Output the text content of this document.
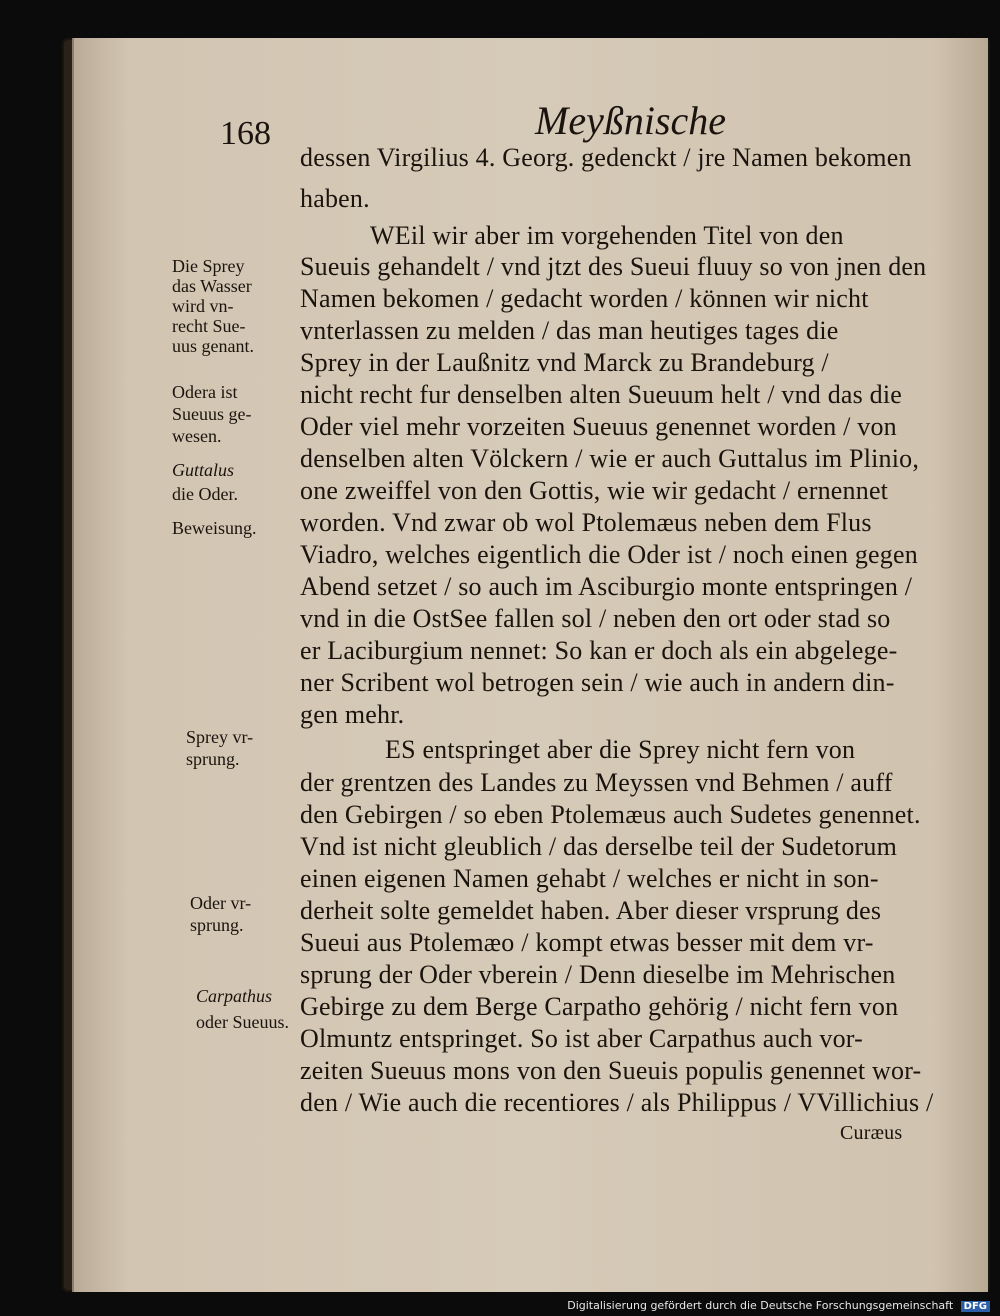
168	Meyßnische
dessen Virgilius 4. Georg. gedenckt / jre Namen bekomen
haben.
WEil wir aber im vorgehenden Titel von den
Sueuis gehandelt / vnd jtzt des Sueui fluuy so von jnen den
Namen bekomen / gedacht worden / können wir nicht
vnterlassen zu melden / das man heutiges tages die
Sprey in der Laußnitz vnd Marck zu Brandeburg /
nicht recht fur denselben alten Sueuum helt / vnd das die
Oder viel mehr vorzeiten Sueuus genennet worden / von
denselben alten Völckern / wie er auch Guttalus im Plinio,
one zweiffel von den Gottis, wie wir gedacht / ernennet
worden. Vnd zwar ob wol Ptolemæus neben dem Flus
Viadro, welches eigentlich die Oder ist / noch einen gegen
Abend setzet / so auch im Asciburgio monte entspringen /
vnd in die OstSee fallen sol / neben den ort oder stad so
er Laciburgium nennet: So kan er doch als ein abgelege-
ner Scribent wol betrogen sein / wie auch in andern din-
gen mehr.
ES entspringet aber die Sprey nicht fern von
der grentzen des Landes zu Meyssen vnd Behmen / auff
den Gebirgen / so eben Ptolemæus auch Sudetes genennet.
Vnd ist nicht gleublich / das derselbe teil der Sudetorum
einen eigenen Namen gehabt / welches er nicht in son-
derheit solte gemeldet haben. Aber dieser vrsprung des
Sueui aus Ptolemæo / kompt etwas besser mit dem vr-
sprung der Oder vberein / Denn dieselbe im Mehrischen
Gebirge zu dem Berge Carpatho gehörig / nicht fern von
Olmuntz entspringet. So ist aber Carpathus auch vor-
zeiten Sueuus mons von den Sueuis populis genennet wor-
den / Wie auch die recentiores / als Philippus / VVillichius /
Curæus
Die Sprey
das Wasser
wird vn-
recht Sue-
uus genant.
Odera ist
Sueuus ge-
wesen.
Guttalus
die Oder.
Beweisung.
Sprey vr-
sprung.
Oder vr-
sprung.
Carpathus
oder Sueuus.
Digitalisierung gefördert durch die Deutsche Forschungsgemeinschaft DFG
